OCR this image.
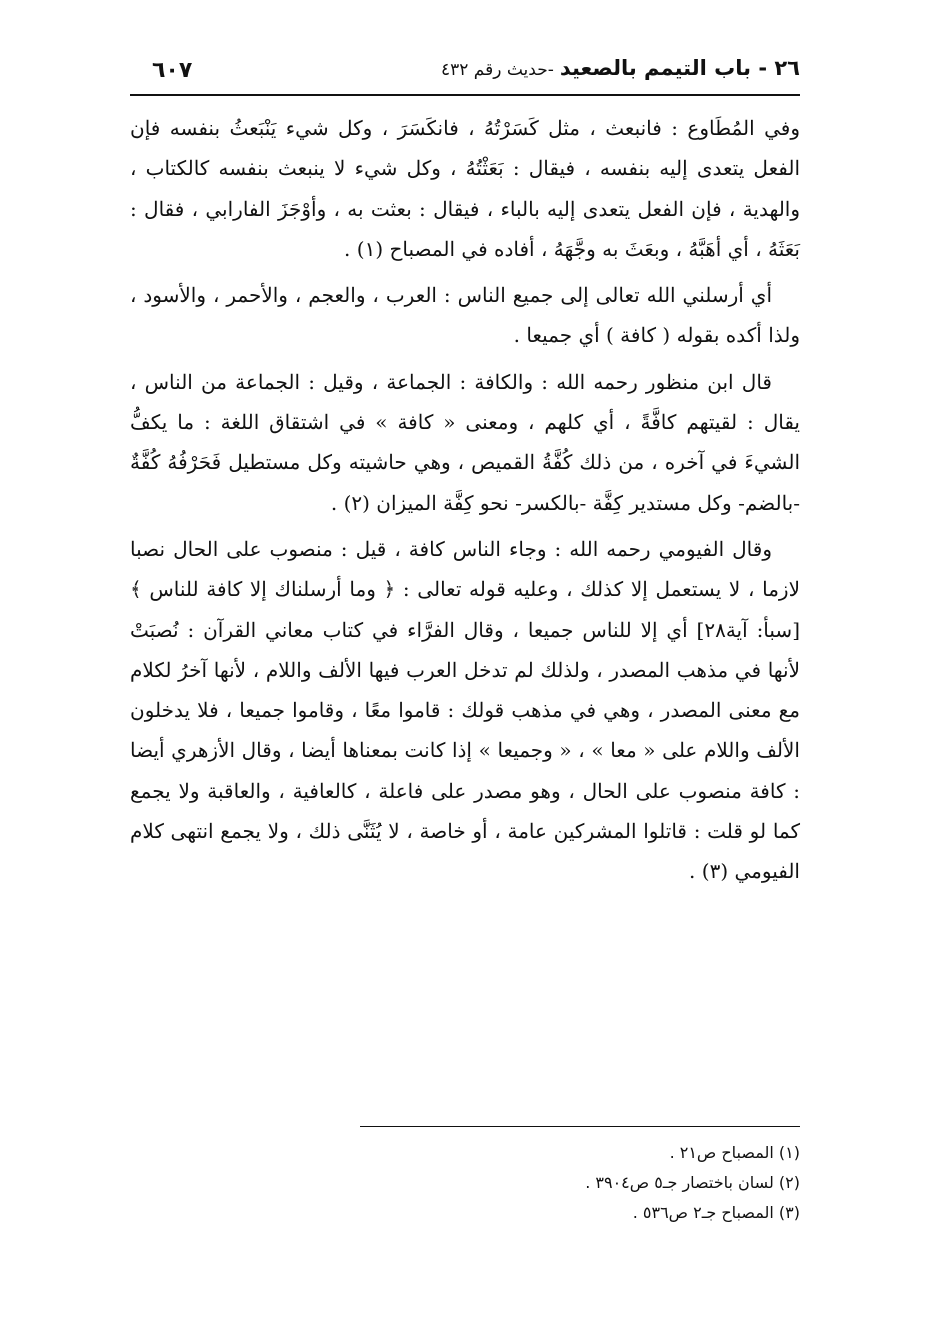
٢٦ - باب التيمم بالصعيد-حديث رقم ٤٣٢
٦٠٧

وفي المُطَاوع : فانبعث ، مثل كَسَرْتُهُ ، فانكَسَرَ ، وكل شيء يَنْبَعثُ بنفسه فإن الفعل يتعدى إليه بنفسه ، فيقال : بَعَثْتُهُ ، وكل شيء لا ينبعث بنفسه كالكتاب ، والهدية ، فإن الفعل يتعدى إليه بالباء ، فيقال : بعثت به ، وأوْجَزَ الفارابي ، فقال : بَعَثَهُ ، أي أهَبَّهُ ، وبعَثَ به وجَّهَهُ ، أفاده في المصباح (١) .

أي أرسلني الله تعالى إلى جميع الناس : العرب ، والعجم ، والأحمر ، والأسود ، ولذا أكده بقوله ( كافة ) أي جميعا .

قال ابن منظور رحمه الله : والكافة : الجماعة ، وقيل : الجماعة من الناس ، يقال : لقيتهم كافَّةً ، أي كلهم ، ومعنى « كافة » في اشتقاق اللغة : ما يكفُّ الشيءَ في آخره ، من ذلك كُفَّةُ القميص ، وهي حاشيته وكل مستطيل فَحَرْفُهُ كُفَّةٌ -بالضم- وكل مستدير كِفَّة -بالكسر- نحو كِفَّة الميزان (٢) .

وقال الفيومي رحمه الله : وجاء الناس كافة ، قيل : منصوب على الحال نصبا لازما ، لا يستعمل إلا كذلك ، وعليه قوله تعالى : ﴿ وما أرسلناك إلا كافة للناس ﴾ [سبأ: آية٢٨] أي إلا للناس جميعا ، وقال الفرَّاء في كتاب معاني القرآن : نُصبَتْ لأنها في مذهب المصدر ، ولذلك لم تدخل العرب فيها الألف واللام ، لأنها آخرُ لكلام مع معنى المصدر ، وهي في مذهب قولك : قاموا معًا ، وقاموا جميعا ، فلا يدخلون الألف واللام على « معا » ، « وجميعا » إذا كانت بمعناها أيضا ، وقال الأزهري أيضا : كافة منصوب على الحال ، وهو مصدر على فاعلة ، كالعافية ، والعاقبة ولا يجمع كما لو قلت : قاتلوا المشركين عامة ، أو خاصة ، لا يُثَنَّى ذلك ، ولا يجمع انتهى كلام الفيومي (٣) .

(١) المصباح ص٢١ .
(٢) لسان باختصار جـ٥ ص٣٩٠٤ .
(٣) المصباح جـ٢ ص٥٣٦ .
